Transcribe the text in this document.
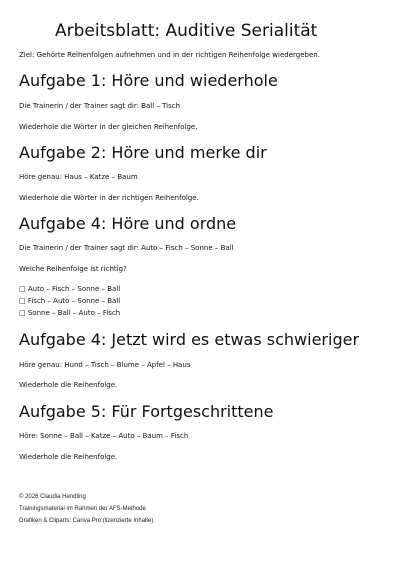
Arbeitsblatt: Auditive Serialität

Ziel: Gehörte Reihenfolgen aufnehmen und in der richtigen Reihenfolge wiedergeben.

Aufgabe 1: Höre und wiederhole

Die Trainerin / der Trainer sagt dir: Ball – Tisch

Wiederhole die Wörter in der gleichen Reihenfolge.

Aufgabe 2: Höre und merke dir

Höre genau: Haus – Katze – Baum

Wiederhole die Wörter in der richtigen Reihenfolge.

Aufgabe 4: Höre und ordne

Die Trainerin / der Trainer sagt dir: Auto – Fisch – Sonne – Ball

Welche Reihenfolge ist richtig?

□ Auto – Fisch – Sonne – Ball

□ Fisch – Auto – Sonne – Ball

□ Sonne – Ball – Auto – Fisch

Aufgabe 4: Jetzt wird es etwas schwieriger

Höre genau: Hund – Tisch – Blume – Apfel – Haus

Wiederhole die Reihenfolge.

Aufgabe 5: Für Fortgeschrittene

Höre: Sonne – Ball – Katze – Auto – Baum – Fisch

Wiederhole die Reihenfolge.

© 2026 Claudia Hendling

Trainingsmaterial im Rahmen der AFS-Methode

Grafiken & Cliparts: Canva Pro (lizenzierte Inhalte)
